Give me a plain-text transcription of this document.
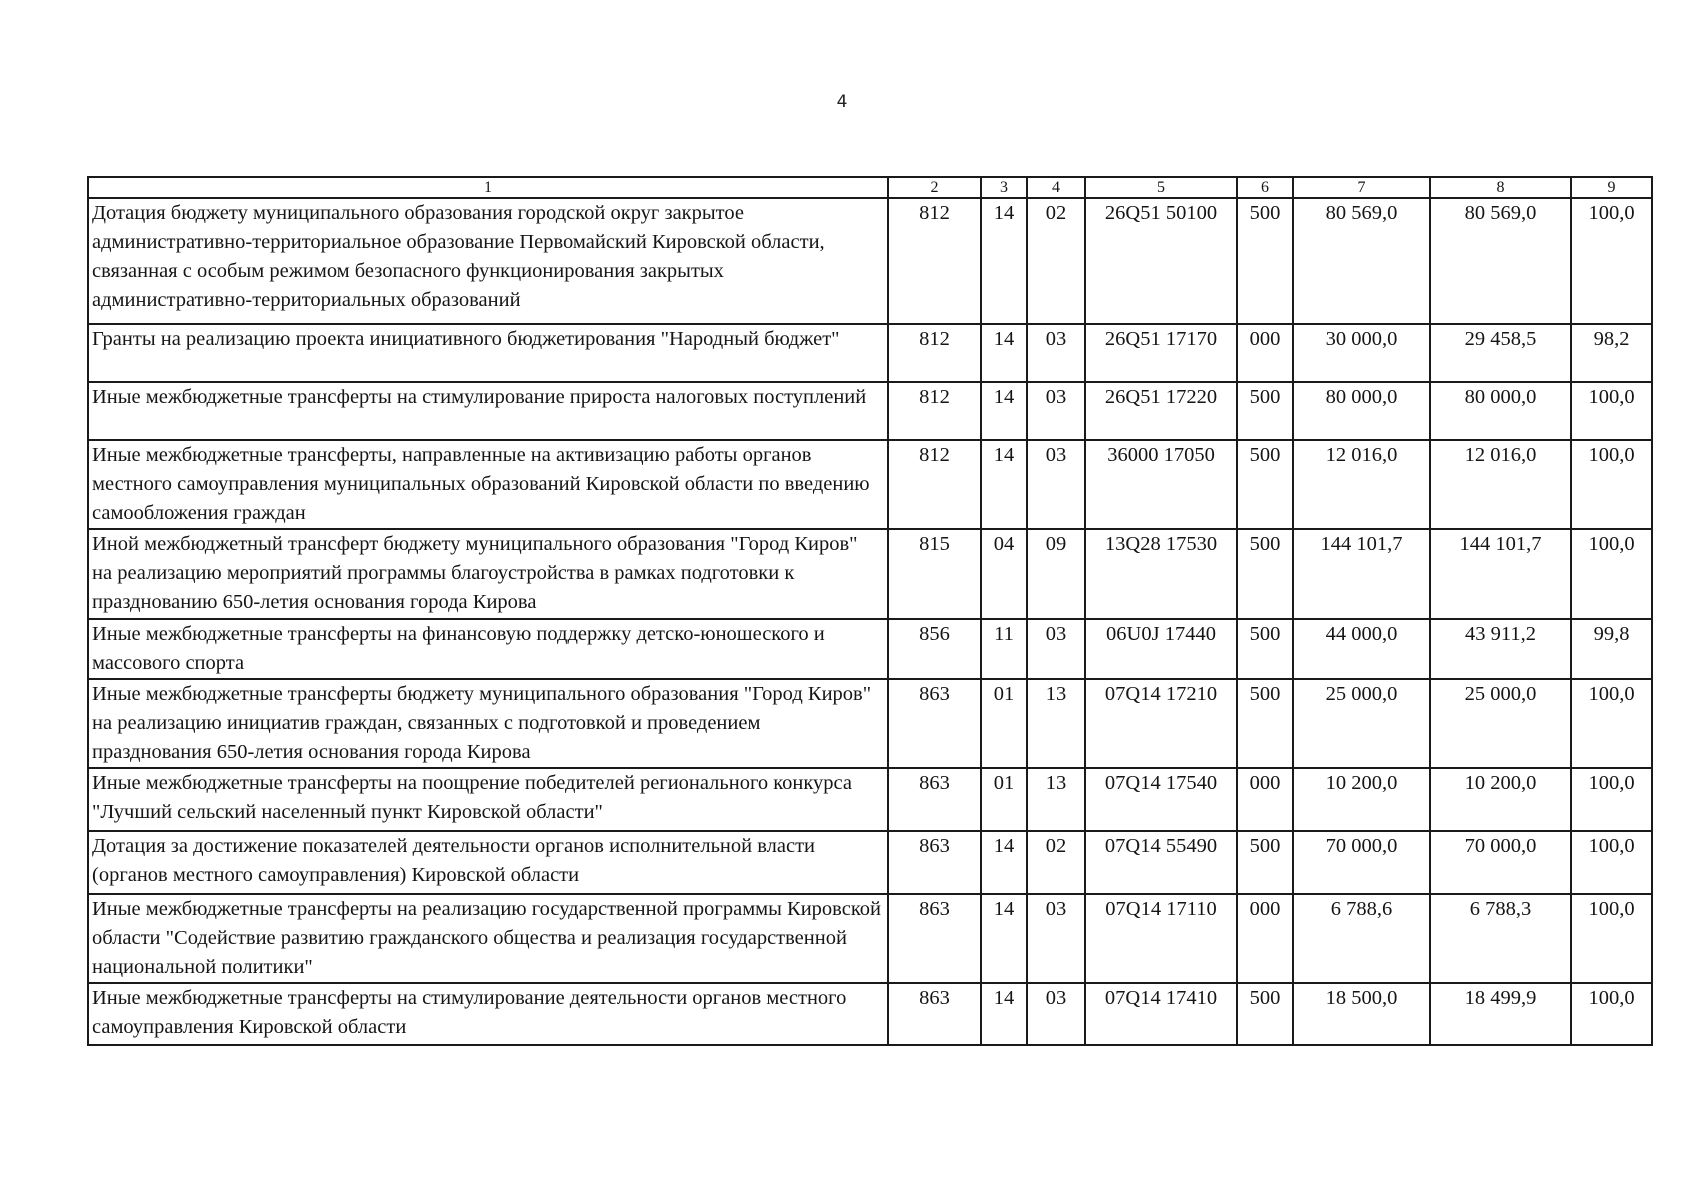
4
1	2	3	4	5	6	7	8	9
Дотация бюджету муниципального образования городской округ закрытое административно-территориальное образование Первомайский Кировской области, связанная с особым режимом безопасного функционирования закрытых административно-территориальных образований	812	14	02	26Q51 50100	500	80 569,0	80 569,0	100,0
Гранты на реализацию проекта инициативного бюджетирования "Народный бюджет"	812	14	03	26Q51 17170	000	30 000,0	29 458,5	98,2
Иные межбюджетные трансферты на стимулирование прироста налоговых поступлений	812	14	03	26Q51 17220	500	80 000,0	80 000,0	100,0
Иные межбюджетные трансферты, направленные на активизацию работы органов местного самоуправления муниципальных образований Кировской области по введению самообложения граждан	812	14	03	36000 17050	500	12 016,0	12 016,0	100,0
Иной межбюджетный трансферт бюджету муниципального образования "Город Киров" на реализацию мероприятий программы благоустройства в рамках подготовки к празднованию 650-летия основания города Кирова	815	04	09	13Q28 17530	500	144 101,7	144 101,7	100,0
Иные межбюджетные трансферты на финансовую поддержку детско-юношеского и массового спорта	856	11	03	06U0J 17440	500	44 000,0	43 911,2	99,8
Иные межбюджетные трансферты бюджету муниципального образования "Город Киров" на реализацию инициатив граждан, связанных с подготовкой и проведением празднования 650-летия основания города Кирова	863	01	13	07Q14 17210	500	25 000,0	25 000,0	100,0
Иные межбюджетные трансферты на поощрение победителей регионального конкурса "Лучший сельский населенный пункт Кировской области"	863	01	13	07Q14 17540	000	10 200,0	10 200,0	100,0
Дотация за достижение показателей деятельности органов исполнительной власти (органов местного самоуправления) Кировской области	863	14	02	07Q14 55490	500	70 000,0	70 000,0	100,0
Иные межбюджетные трансферты на реализацию государственной программы Кировской области "Содействие развитию гражданского общества и реализация государственной национальной политики"	863	14	03	07Q14 17110	000	6 788,6	6 788,3	100,0
Иные межбюджетные трансферты на стимулирование деятельности органов местного самоуправления Кировской области	863	14	03	07Q14 17410	500	18 500,0	18 499,9	100,0
